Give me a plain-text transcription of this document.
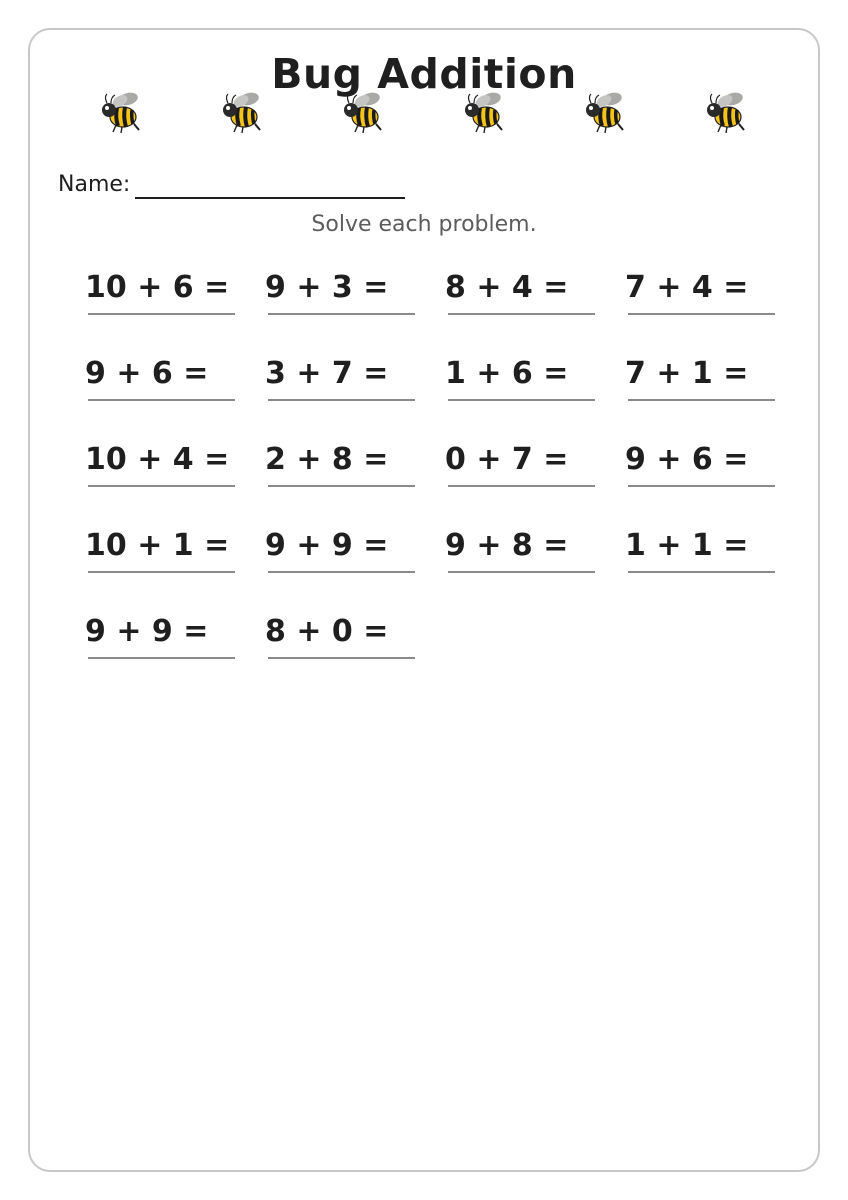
Bug Addition
Name:
Solve each problem.
10 + 6 = 9 + 3 = 8 + 4 = 7 + 4 =
9 + 6 = 3 + 7 = 1 + 6 = 7 + 1 =
10 + 4 = 2 + 8 = 0 + 7 = 9 + 6 =
10 + 1 = 9 + 9 = 9 + 8 = 1 + 1 =
9 + 9 = 8 + 0 =
